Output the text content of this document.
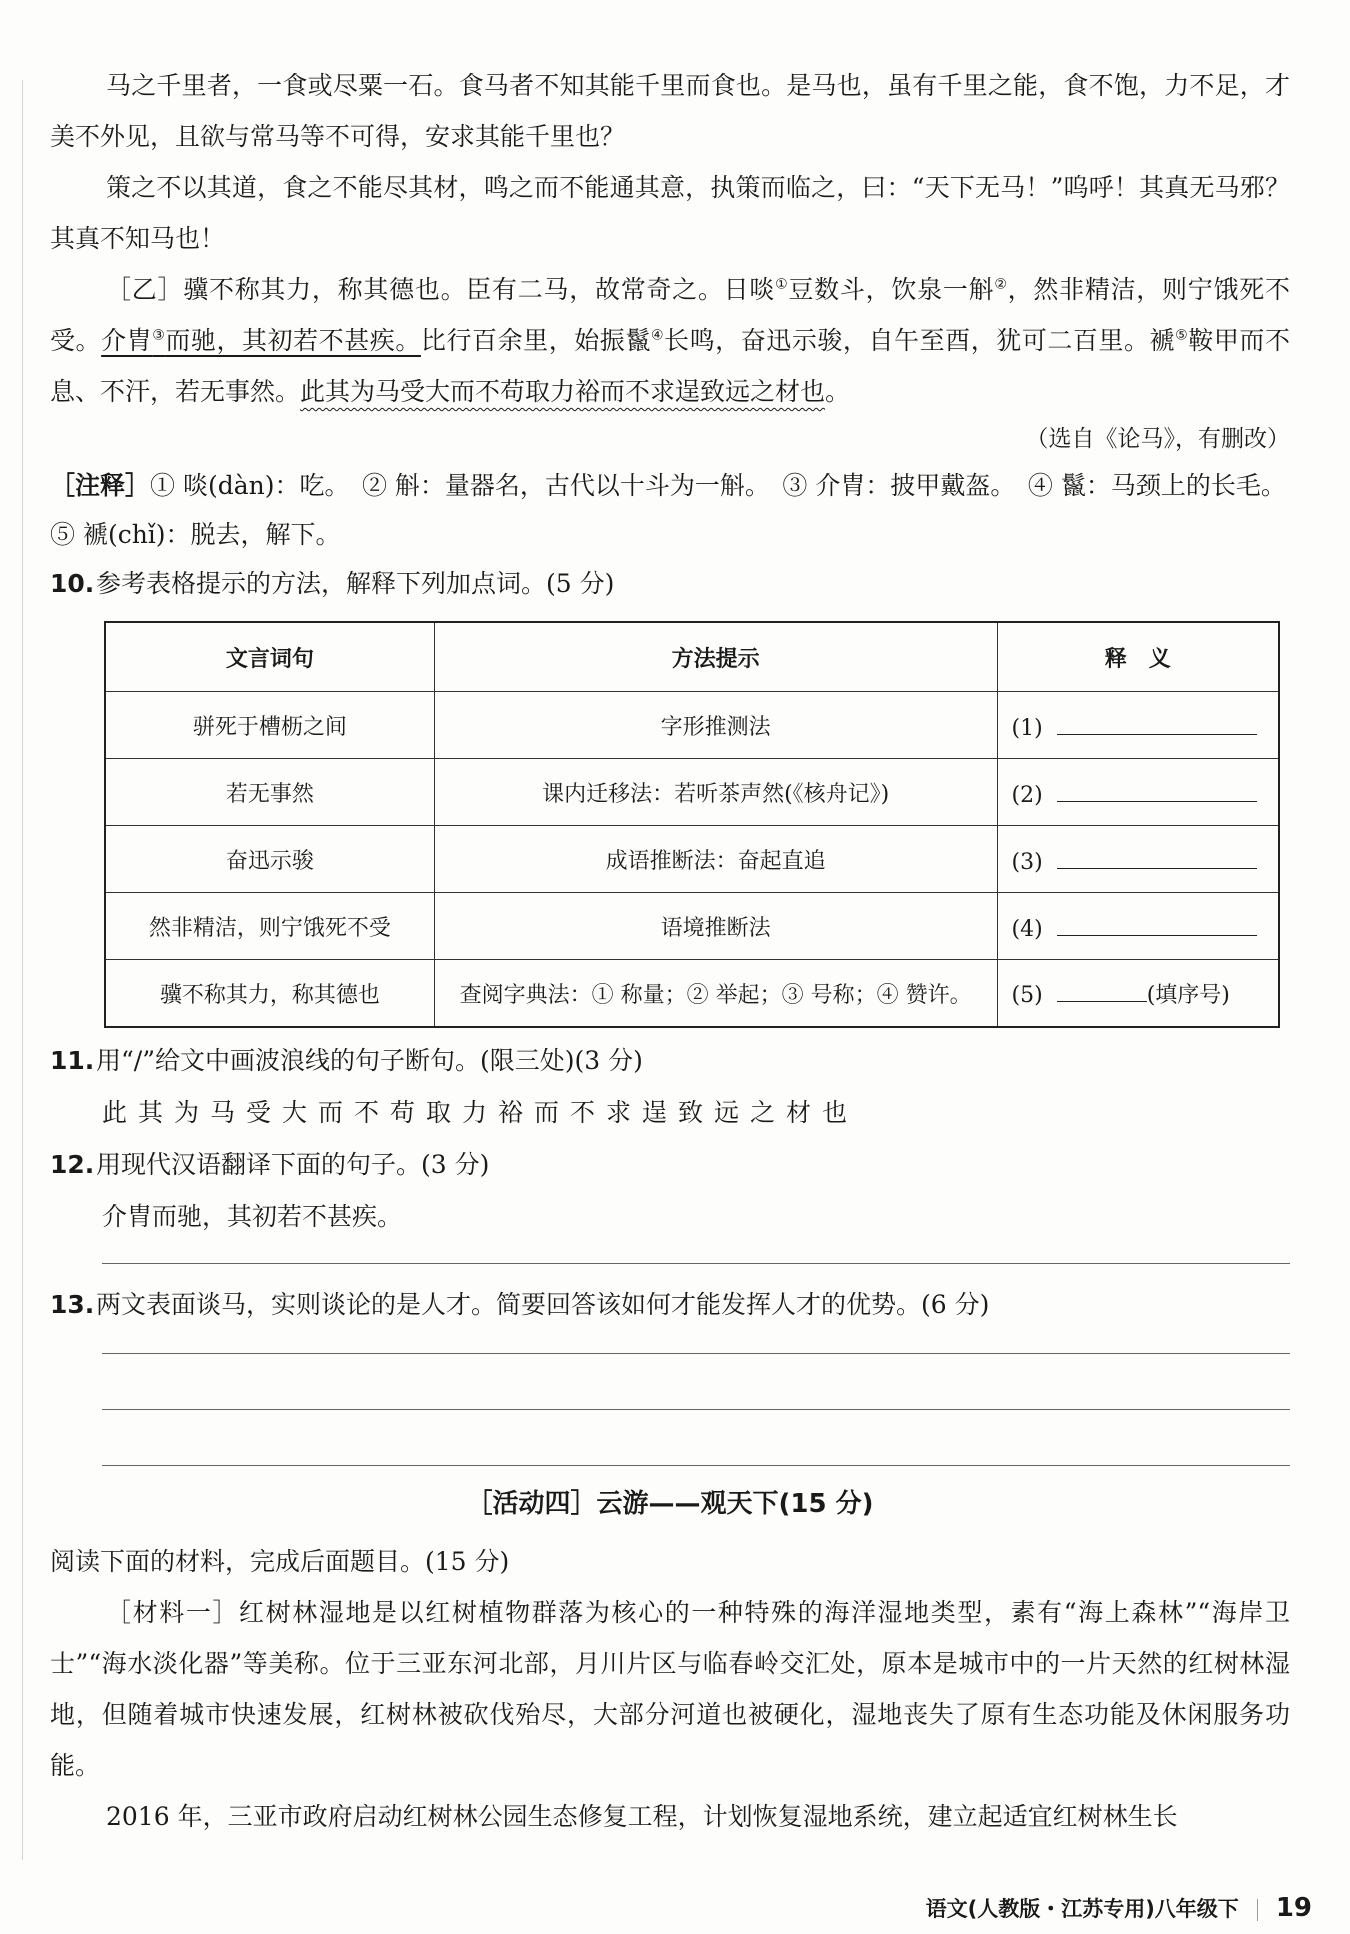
马之千里者，一食或尽粟一石。食马者不知其能千里而食也。是马也，虽有千里之能，食不饱，力不足，才美不外见，且欲与常马等不可得，安求其能千里也？

策之不以其道，食之不能尽其材，鸣之而不能通其意，执策而临之，曰：“天下无马！”呜呼！其真无马邪？其真不知马也！

［乙］骥不称其力，称其德也。臣有二马，故常奇之。日啖①豆数斗，饮泉一斛②，然非精洁，则宁饿死不受。介胄③而驰，其初若不甚疾。比行百余里，始振鬣④长鸣，奋迅示骏，自午至酉，犹可二百里。褫⑤鞍甲而不息、不汗，若无事然。此其为马受大而不苟取力裕而不求逞致远之材也。

（选自《论马》，有删改）

［注释］① 啖(dàn)：吃。　② 斛：量器名，古代以十斗为一斛。　③ 介胄：披甲戴盔。　④ 鬣：马颈上的长毛。　⑤ 褫(chǐ)：脱去，解下。

10.参考表格提示的方法，解释下列加点词。(5 分)

文言词句	方法提示	释　义
骈死于槽枥之间	字形推测法	(1)
若无事然	课内迁移法：若听茶声然(《核舟记》)	(2)
奋迅示骏	成语推断法：奋起直追	(3)
然非精洁，则宁饿死不受	语境推断法	(4)
骥不称其力，称其德也	查阅字典法：① 称量；② 举起；③ 号称；④ 赞许。	(5) (填序号)

11.用“/”给文中画波浪线的句子断句。(限三处)(3 分)

此其为马受大而不苟取力裕而不求逞致远之材也

12.用现代汉语翻译下面的句子。(3 分)

介胄而驰，其初若不甚疾。

13.两文表面谈马，实则谈论的是人才。简要回答该如何才能发挥人才的优势。(6 分)

［活动四］云游——观天下(15 分)

阅读下面的材料，完成后面题目。(15 分)

［材料一］红树林湿地是以红树植物群落为核心的一种特殊的海洋湿地类型，素有“海上森林”“海岸卫士”“海水淡化器”等美称。位于三亚东河北部，月川片区与临春岭交汇处，原本是城市中的一片天然的红树林湿地，但随着城市快速发展，红树林被砍伐殆尽，大部分河道也被硬化，湿地丧失了原有生态功能及休闲服务功能。

2016 年，三亚市政府启动红树林公园生态修复工程，计划恢复湿地系统，建立起适宜红树林生长

语文(人教版・江苏专用)八年级下 19
